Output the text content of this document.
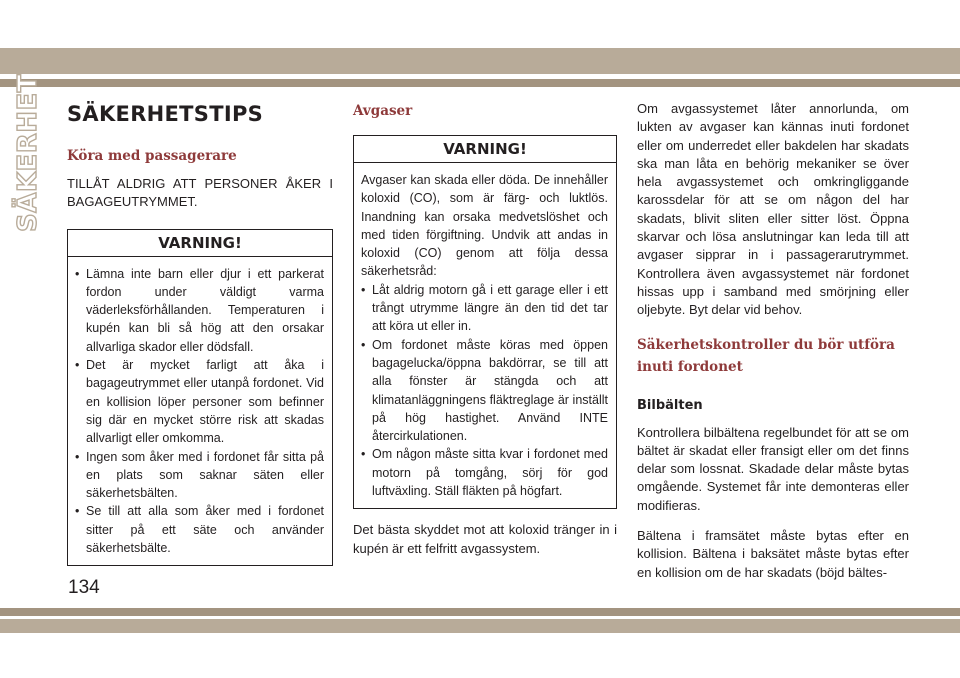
SÄKERHET SÄKERHETSTIPS
Köra med passagerare

TILLÅT ALDRIG ATT PERSONER ÅKER I BAGAGEUTRYMMET.

VARNING!
• Lämna inte barn eller djur i ett parkerat fordon under väldigt varma väderleksförhållanden. Temperaturen i kupén kan bli så hög att den orsakar allvarliga skador eller dödsfall.
• Det är mycket farligt att åka i bagageutrymmet eller utanpå fordonet. Vid en kollision löper personer som befinner sig där en mycket större risk att skadas allvarligt eller omkomma.
• Ingen som åker med i fordonet får sitta på en plats som saknar säten eller säkerhetsbälten.
• Se till att alla som åker med i fordonet sitter på ett säte och använder säkerhetsbälte.
Avgaser
VARNING!

Avgaser kan skada eller döda. De innehåller koloxid (CO), som är färg- och luktlös. Inandning kan orsaka medvetslöshet och med tiden förgiftning. Undvik att andas in koloxid (CO) genom att följa dessa säkerhetsråd:

• Låt aldrig motorn gå i ett garage eller i ett trångt utrymme längre än den tid det tar att köra ut eller in.
• Om fordonet måste köras med öppen bagagelucka/öppna bakdörrar, se till att alla fönster är stängda och att klimatanläggningens fläktreglage är inställt på hög hastighet. Använd INTE återcirkulationen.
• Om någon måste sitta kvar i fordonet med motorn på tomgång, sörj för god luftväxling. Ställ fläkten på högfart.

Det bästa skyddet mot att koloxid tränger in i kupén är ett felfritt avgassystem.

Om avgassystemet låter annorlunda, om lukten av avgaser kan kännas inuti fordonet eller om underredet eller bakdelen har skadats ska man låta en behörig mekaniker se över hela avgassystemet och omkringliggande karossdelar för att se om någon del har skadats, blivit sliten eller sitter löst. Öppna skarvar och lösa anslutningar kan leda till att avgaser sipprar in i passagerarutrymmet. Kontrollera även avgassystemet när fordonet hissas upp i samband med smörjning eller oljebyte. Byt delar vid behov.

Säkerhetskontroller du bör utföra inuti fordonet
Bilbälten

Kontrollera bilbältena regelbundet för att se om bältet är skadat eller fransigt eller om det finns delar som lossnat. Skadade delar måste bytas omgående. Systemet får inte demonteras eller modifieras.

Bältena i framsätet måste bytas efter en kollision. Bältena i baksätet måste bytas efter en kollision om de har skadats (böjd bältes-

134
